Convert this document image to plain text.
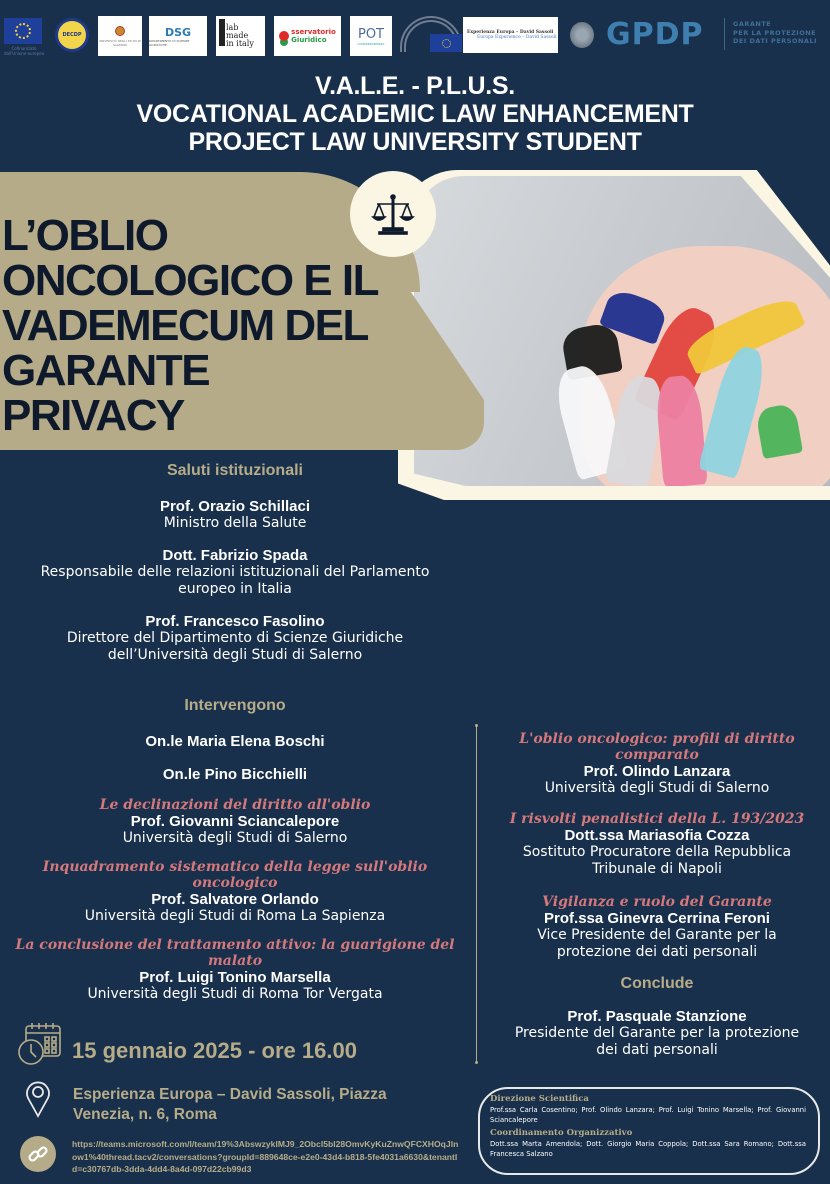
Cofinanziato dall'Unione europea
DECDP
UNIVERSITÀ DEGLI STUDI DI SALERNO
DSG
DIPARTIMENTO DI SCIENZE GIURIDICHE
lab
made
in italy
sservatorio
Giuridico	POT
GIURISPRUDENZA
Experienza Europa – David Sassoli
Europa Experience – David Sassoli GPDP	GARANTE
PER LA PROTEZIONE
DEI DATI PERSONALI
V.A.L.E. - P.L.U.S.
VOCATIONAL ACADEMIC LAW ENHANCEMENT
PROJECT LAW UNIVERSITY STUDENT
L’OBLIO
ONCOLOGICO E IL
VADEMECUM DEL
GARANTE
PRIVACY
Saluti istituzionali
Prof. Orazio Schillaci
Ministro della Salute
Dott. Fabrizio Spada
Responsabile delle relazioni istituzionali del Parlamento
europeo in Italia
Prof. Francesco Fasolino
Direttore del Dipartimento di Scienze Giuridiche
dell’Università degli Studi di Salerno
Intervengono
On.le Maria Elena Boschi
On.le Pino Bicchielli
Le declinazioni del diritto all'oblio
Prof. Giovanni Sciancalepore
Università degli Studi di Salerno
Inquadramento sistematico della legge sull'oblio oncologico
Prof. Salvatore Orlando
Università degli Studi di Roma La Sapienza
La conclusione del trattamento attivo: la guarigione del
malato
Prof. Luigi Tonino Marsella
Università degli Studi di Roma Tor Vergata
L'oblio oncologico: profili di diritto comparato
Prof. Olindo Lanzara
Università degli Studi di Salerno
I risvolti penalistici della L. 193/2023
Dott.ssa Mariasofia Cozza
Sostituto Procuratore della Repubblica
Tribunale di Napoli
Vigilanza e ruolo del Garante
Prof.ssa Ginevra Cerrina Feroni
Vice Presidente del Garante per la
protezione dei dati personali
Conclude
Prof. Pasquale Stanzione
Presidente del Garante per la protezione
dei dati personali
15 gennaio 2025 - ore 16.00
Esperienza Europa – David Sassoli, Piazza Venezia, n. 6, Roma
https://teams.microsoft.com/l/team/19%3AbswzyklMJ9_2Obcl5bl28OmvKyKuZnwQFCXHOqJlnow1%40thread.tacv2/conversations?groupId=889648ce-e2e0-43d4-b818-5fe4031a6630&tenantId=c30767db-3dda-4dd4-8a4d-097d22cb99d3
Direzione Scientifica
Prof.ssa Carla Cosentino; Prof. Olindo Lanzara; Prof. Luigi Tonino Marsella; Prof. Giovanni Sciancalepore
Coordinamento Organizzativo
Dott.ssa Marta Amendola; Dott. Giorgio Maria Coppola; Dott.ssa Sara Romano; Dott.ssa Francesca Salzano
